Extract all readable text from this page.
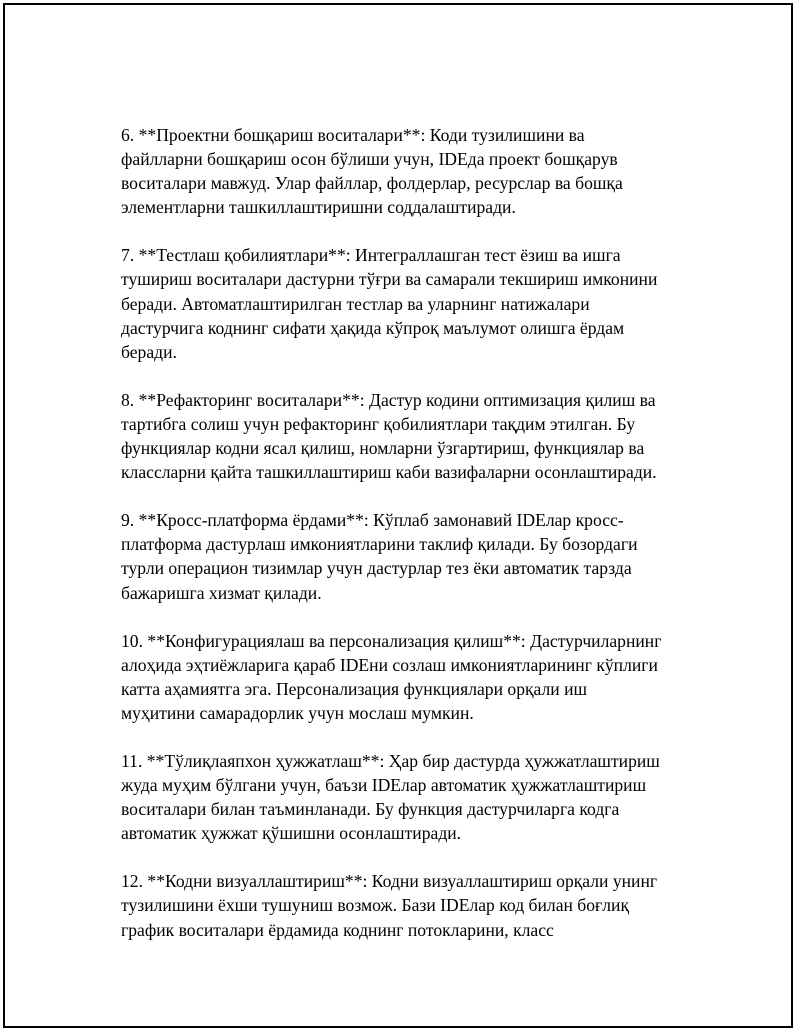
6. **Проектни бошқариш воситалари**: Коди тузилишини ва
файлларни бошқариш осон бўлиши учун, IDEда проект бошқарув
воситалари мавжуд. Улар файллар, фолдерлар, ресурслар ва бошқа
элементларни ташкиллаштиришни соддалаштиради.

7. **Тестлаш қобилиятлари**: Интеграллашган тест ёзиш ва ишга
тушириш воситалари дастурни тўғри ва самарали текшириш имконини
беради. Автоматлаштирилган тестлар ва уларнинг натижалари
дастурчига коднинг сифати ҳақида кўпроқ маълумот олишга ёрдам
беради.

8. **Рефакторинг воситалари**: Дастур кодини оптимизация қилиш ва
тартибга солиш учун рефакторинг қобилиятлари тақдим этилган. Бу
функциялар кодни ясал қилиш, номларни ўзгартириш, функциялар ва
классларни қайта ташкиллаштириш каби вазифаларни осонлаштиради.

9. **Кросс-платформа ёрдами**: Кўплаб замонавий IDEлар кросс-
платформа дастурлаш имкониятларини таклиф қилади. Бу бозордаги
турли операцион тизимлар учун дастурлар тез ёки автоматик тарзда
бажаришга хизмат қилади.

10. **Конфигурациялаш ва персонализация қилиш**: Дастурчиларнинг
алоҳида эҳтиёжларига қараб IDEни созлаш имкониятларининг кўплиги
катта аҳамиятга эга. Персонализация функциялари орқали иш
муҳитини самарадорлик учун мослаш мумкин.

11. **Тўлиқлаяпхон ҳужжатлаш**: Ҳар бир дастурда ҳужжатлаштириш
жуда муҳим бўлгани учун, баъзи IDEлар автоматик ҳужжатлаштириш
воситалари билан таъминланади. Бу функция дастурчиларга кодга
автоматик ҳужжат қўшишни осонлаштиради.

12. **Кодни визуаллаштириш**: Кодни визуаллаштириш орқали унинг
тузилишини ёхши тушуниш возмож. Бази IDEлар код билан боғлиқ
график воситалари ёрдамида коднинг потокларини, класс
